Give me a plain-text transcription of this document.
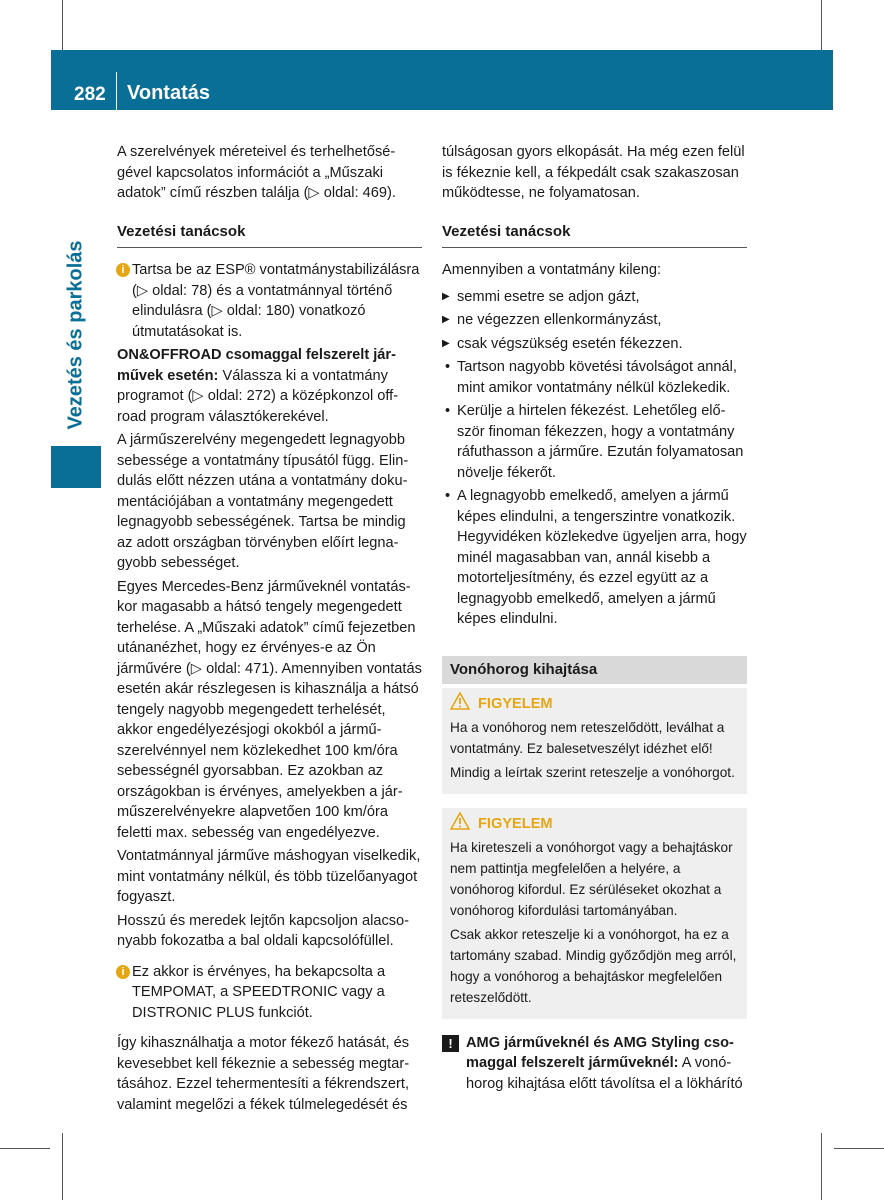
282 Vontatás
Vezetés és parkolás

A szerelvények méreteivel és terhelhetőségével kapcsolatos információt a „Műszaki adatok” című részben találja (▷ oldal: 469).

Vezetési tanácsok
i Tartsa be az ESP® vontatmánystabilizálásra (▷ oldal: 78) és a vontatmánnyal történő elindulásra (▷ oldal: 180) vonatkozó útmutatásokat is.

ON&OFFROAD csomaggal felszerelt járművek esetén: Válassza ki a vontatmány programot (▷ oldal: 272) a középkonzol offroad program választókerekével.

A járműszerelvény megengedett legnagyobb sebessége a vontatmány típusától függ. Elindulás előtt nézzen utána a vontatmány dokumentációjában a vontatmány megengedett legnagyobb sebességének. Tartsa be mindig az adott országban törvényben előírt legnagyobb sebességet.

Egyes Mercedes-Benz járműveknél vontatáskor magasabb a hátsó tengely megengedett terhelése. A „Műszaki adatok” című fejezetben utánanézhet, hogy ez érvényes-e az Ön járművére (▷ oldal: 471). Amennyiben vontatás esetén akár részlegesen is kihasználja a hátsó tengely nagyobb megengedett terhelését, akkor engedélyezésjogi okokból a járműszerelvénnyel nem közlekedhet 100 km/óra sebességnél gyorsabban. Ez azokban az országokban is érvényes, amelyekben a járműszerelvényekre alapvetően 100 km/óra feletti max. sebesség van engedélyezve.

Vontatmánnyal járműve máshogyan viselkedik, mint vontatmány nélkül, és több tüzelőanyagot fogyaszt.

Hosszú és meredek lejtőn kapcsoljon alacsonyabb fokozatba a bal oldali kapcsolófüllel.

i Ez akkor is érvényes, ha bekapcsolta a TEMPOMAT, a SPEEDTRONIC vagy a DISTRONIC PLUS funkciót.

Így kihasználhatja a motor fékező hatását, és kevesebbet kell fékeznie a sebesség megtartásához. Ezzel tehermentesíti a fékrendszert, valamint megelőzi a fékek túlmelegedését és

túlságosan gyors elkopását. Ha még ezen felül is fékeznie kell, a fékpedált csak szakaszosan működtesse, ne folyamatosan.

Vezetési tanácsok

Amennyiben a vontatmány kileng:

▶ semmi esetre se adjon gázt,
▶ ne végezzen ellenkormányzást,
▶ csak végszükség esetén fékezzen.
• Tartson nagyobb követési távolságot annál, mint amikor vontatmány nélkül közlekedik.
• Kerülje a hirtelen fékezést. Lehetőleg először finoman fékezzen, hogy a vontatmány ráfuthasson a járműre. Ezután folyamatosan növelje fékerőt.
• A legnagyobb emelkedő, amelyen a jármű képes elindulni, a tengerszintre vonatkozik. Hegyvidéken közlekedve ügyeljen arra, hogy minél magasabban van, annál kisebb a motorteljesítmény, és ezzel együtt az a legnagyobb emelkedő, amelyen a jármű képes elindulni.
Vonóhorog kihajtása
FIGYELEM

Ha a vonóhorog nem reteszelődött, leválhat a vontatmány. Ez balesetveszélyt idézhet elő!

Mindig a leírtak szerint reteszelje a vonóhorgot.

FIGYELEM

Ha kireteszeli a vonóhorgot vagy a behajtáskor nem pattintja megfelelően a helyére, a vonóhorog kifordul. Ez sérüléseket okozhat a vonóhorog kifordulási tartományában.

Csak akkor reteszelje ki a vonóhorgot, ha ez a tartomány szabad. Mindig győződjön meg arról, hogy a vonóhorog a behajtáskor megfelelően reteszelődött.

! AMG járműveknél és AMG Styling csomaggal felszerelt járműveknél: A vonóhorog kihajtása előtt távolítsa el a lökhárító
